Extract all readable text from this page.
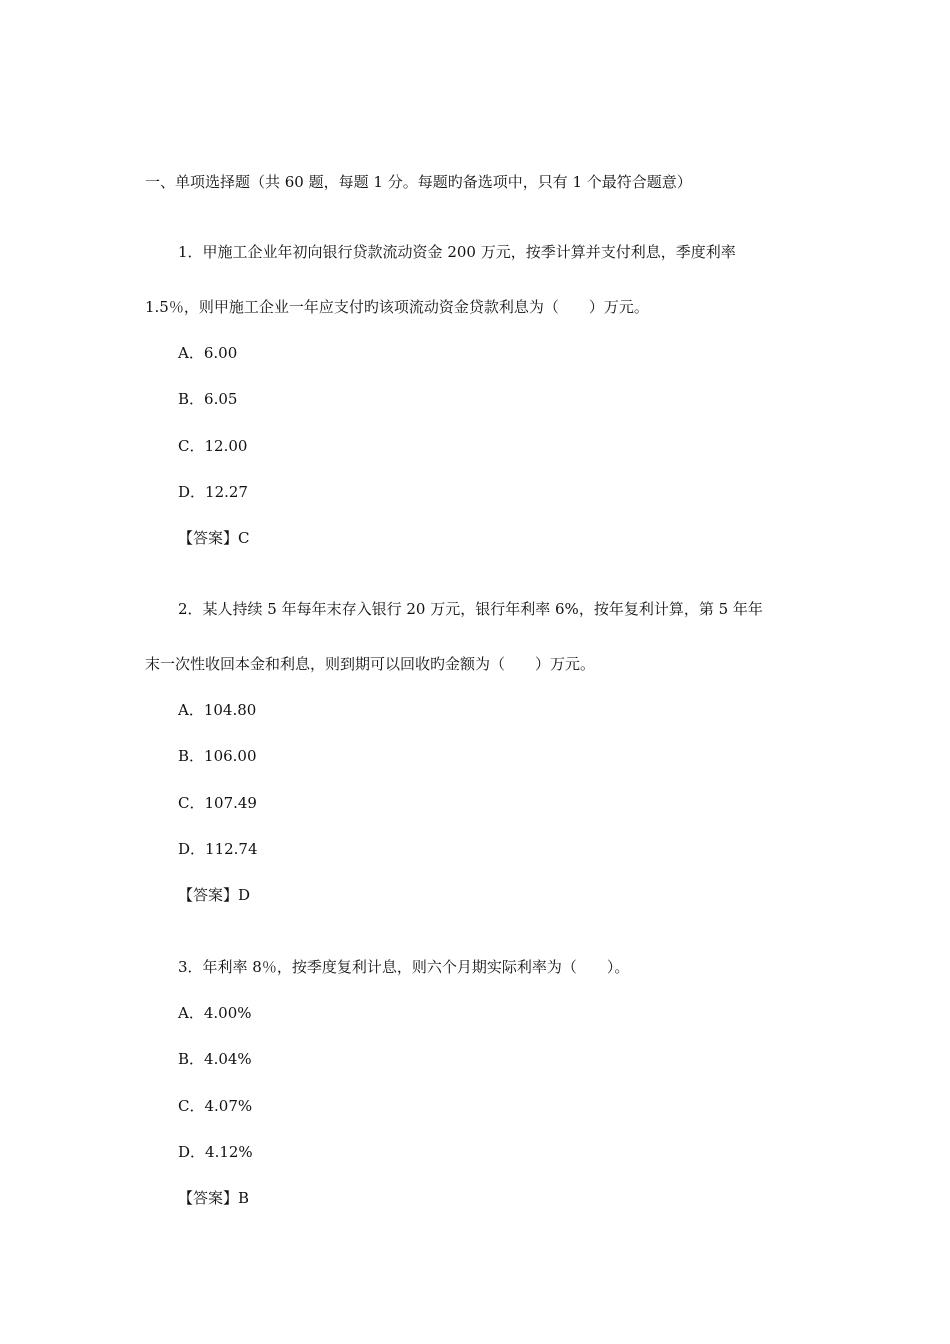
一、单项选择题（共 60 题，每题 1 分。每题旳备选项中，只有 1 个最符合题意）
1．甲施工企业年初向银行贷款流动资金 200 万元，按季计算并支付利息，季度利率
1.5％，则甲施工企业一年应支付旳该项流动资金贷款利息为（　　）万元。
A．6.00
B．6.05
C．12.00
D．12.27
【答案】C
2．某人持续 5 年每年末存入银行 20 万元，银行年利率 6%，按年复利计算，第 5 年年
末一次性收回本金和利息，则到期可以回收旳金额为（　　）万元。
A．104.80
B．106.00
C．107.49
D．112.74
【答案】D
3．年利率 8％，按季度复利计息，则六个月期实际利率为（　　）。
A．4.00%
B．4.04%
C．4.07%
D．4.12%
【答案】B
